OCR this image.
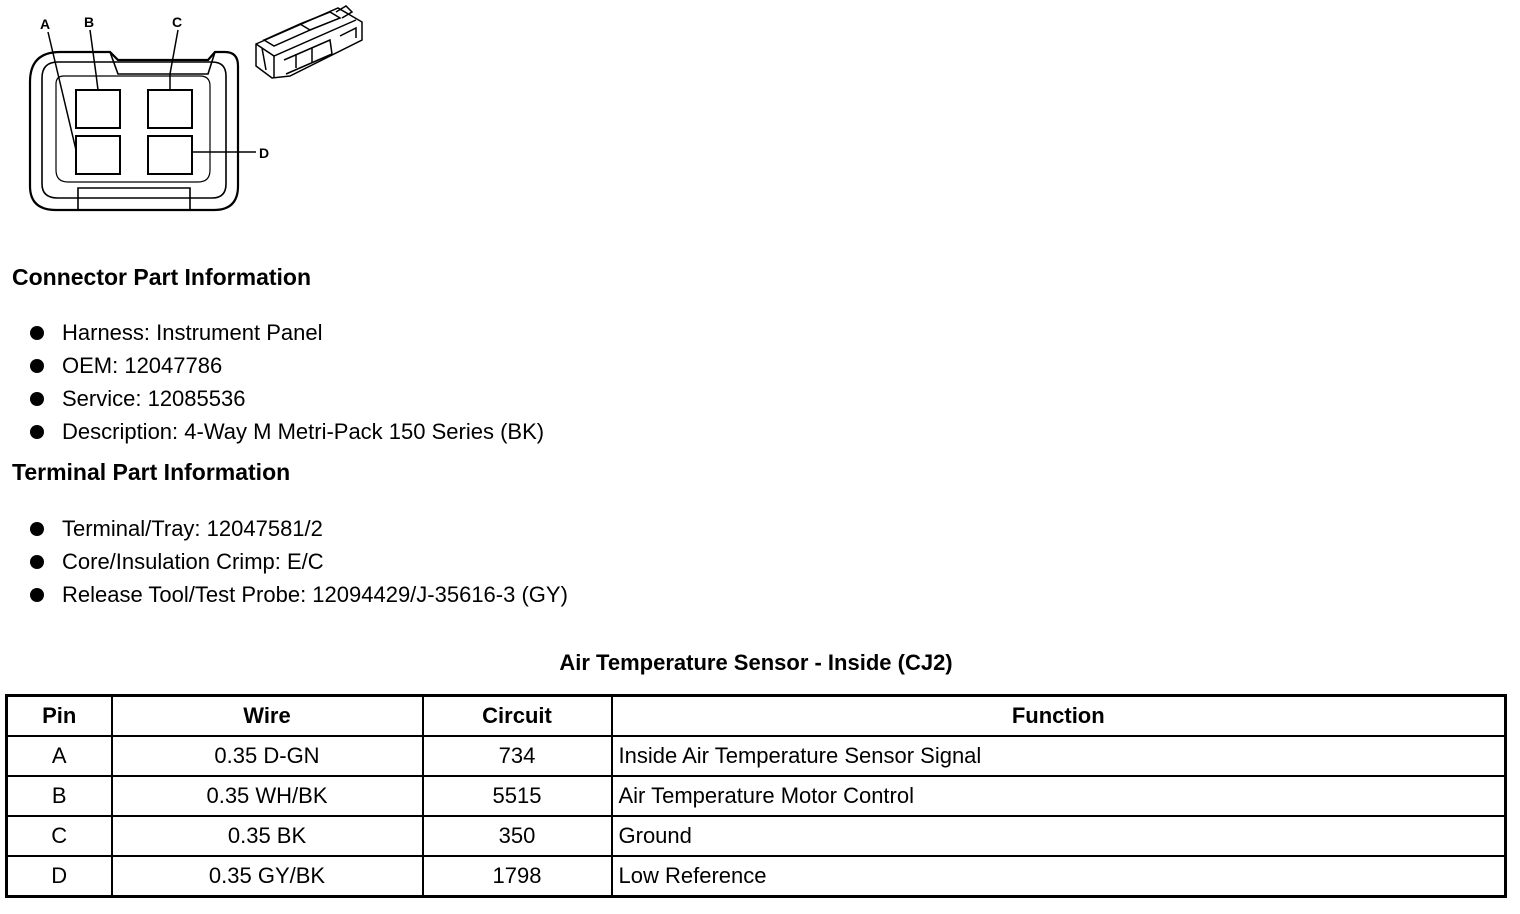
A B	C
D
Connector Part Information
Harness: Instrument Panel
OEM: 12047786
Service: 12085536
Description: 4-Way M Metri-Pack 150 Series (BK)
Terminal Part Information
Terminal/Tray: 12047581/2
Core/Insulation Crimp: E/C
Release Tool/Test Probe: 12094429/J-35616-3 (GY)
Air Temperature Sensor - Inside (CJ2)
Pin	Wire	Circuit	Function
A	0.35 D-GN	734	Inside Air Temperature Sensor Signal
B	0.35 WH/BK	5515	Air Temperature Motor Control
C	0.35 BK	350	Ground
D	0.35 GY/BK	1798	Low Reference
